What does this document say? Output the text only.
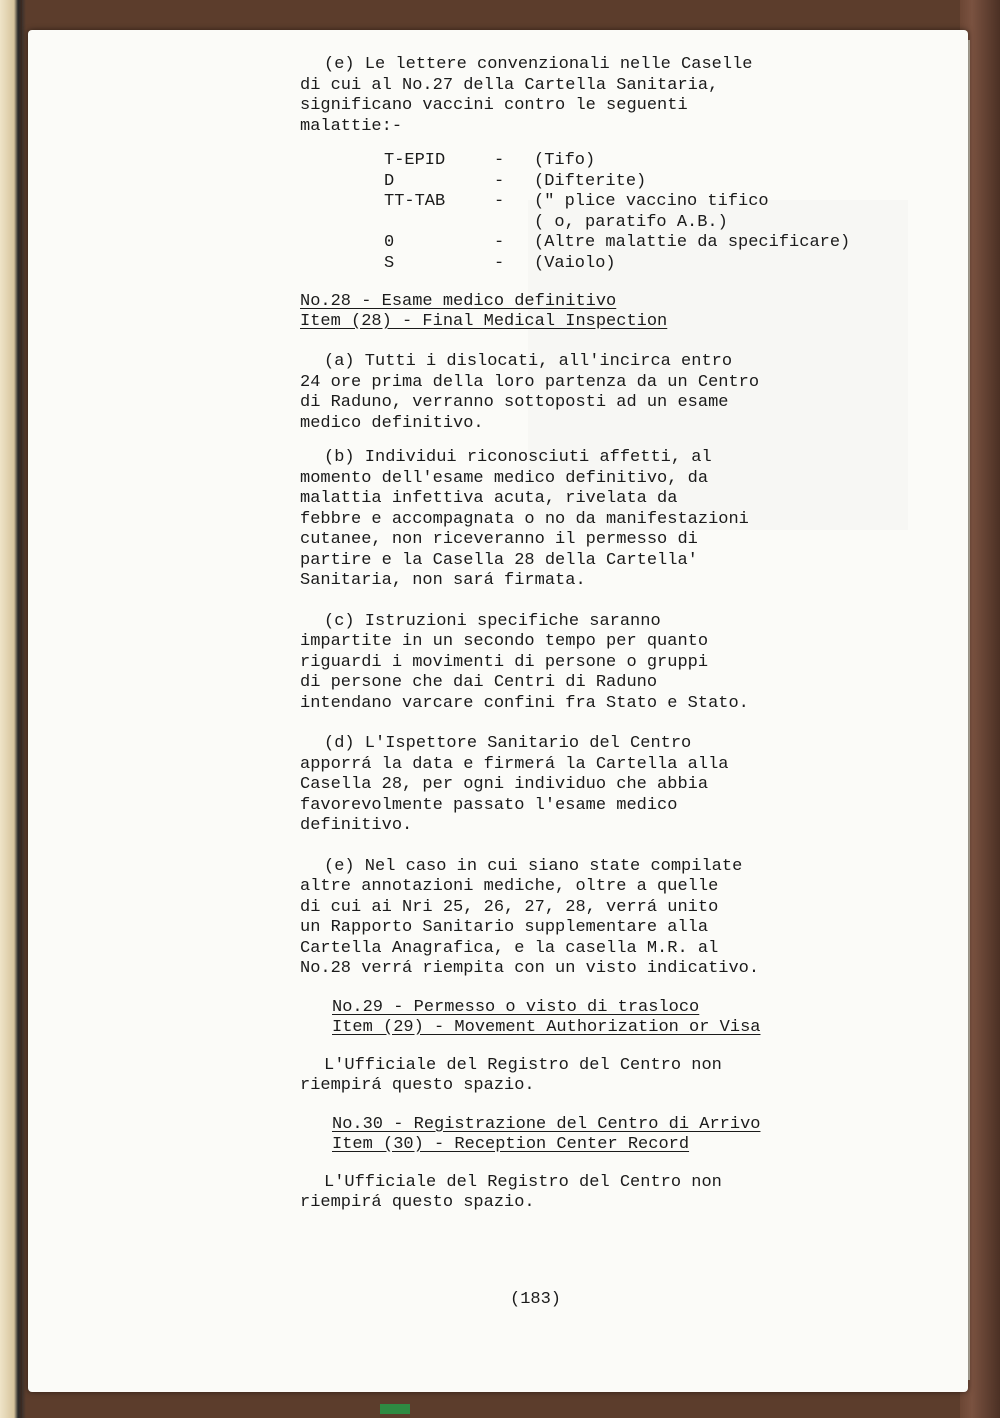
(e) Le lettere convenzionali nelle Caselle

di cui al No.27 della Cartella Sanitaria,

significano vaccini contro le seguenti

malattie:-

T-EPID	-	(Tifo)
D	-	(Difterite)
TT-TAB	-	(" plice vaccino tifico
( o, paratifo A.B.)
0	-	(Altre malattie da specificare)
S	-	(Vaiolo)
No.28 - Esame medico definitivo
Item (28) - Final Medical Inspection

(a) Tutti i dislocati, all'incirca entro

24 ore prima della loro partenza da un Centro

di Raduno, verranno sottoposti ad un esame

medico definitivo.

(b) Individui riconosciuti affetti, al

momento dell'esame medico definitivo, da

malattia infettiva acuta, rivelata da

febbre e accompagnata o no da manifestazioni

cutanee, non riceveranno il permesso di

partire e la Casella 28 della Cartella'

Sanitaria, non sará firmata.

(c) Istruzioni specifiche saranno

impartite in un secondo tempo per quanto

riguardi i movimenti di persone o gruppi

di persone che dai Centri di Raduno

intendano varcare confini fra Stato e Stato.

(d) L'Ispettore Sanitario del Centro

apporrá la data e firmerá la Cartella alla

Casella 28, per ogni individuo che abbia

favorevolmente passato l'esame medico

definitivo.

(e) Nel caso in cui siano state compilate

altre annotazioni mediche, oltre a quelle

di cui ai Nri 25, 26, 27, 28, verrá unito

un Rapporto Sanitario supplementare alla

Cartella Anagrafica, e la casella M.R. al

No.28 verrá riempita con un visto indicativo.

No.29 - Permesso o visto di trasloco
Item (29) - Movement Authorization or Visa

L'Ufficiale del Registro del Centro non

riempirá questo spazio.

No.30 - Registrazione del Centro di Arrivo
Item (30) - Reception Center Record

L'Ufficiale del Registro del Centro non

riempirá questo spazio.

(183)
